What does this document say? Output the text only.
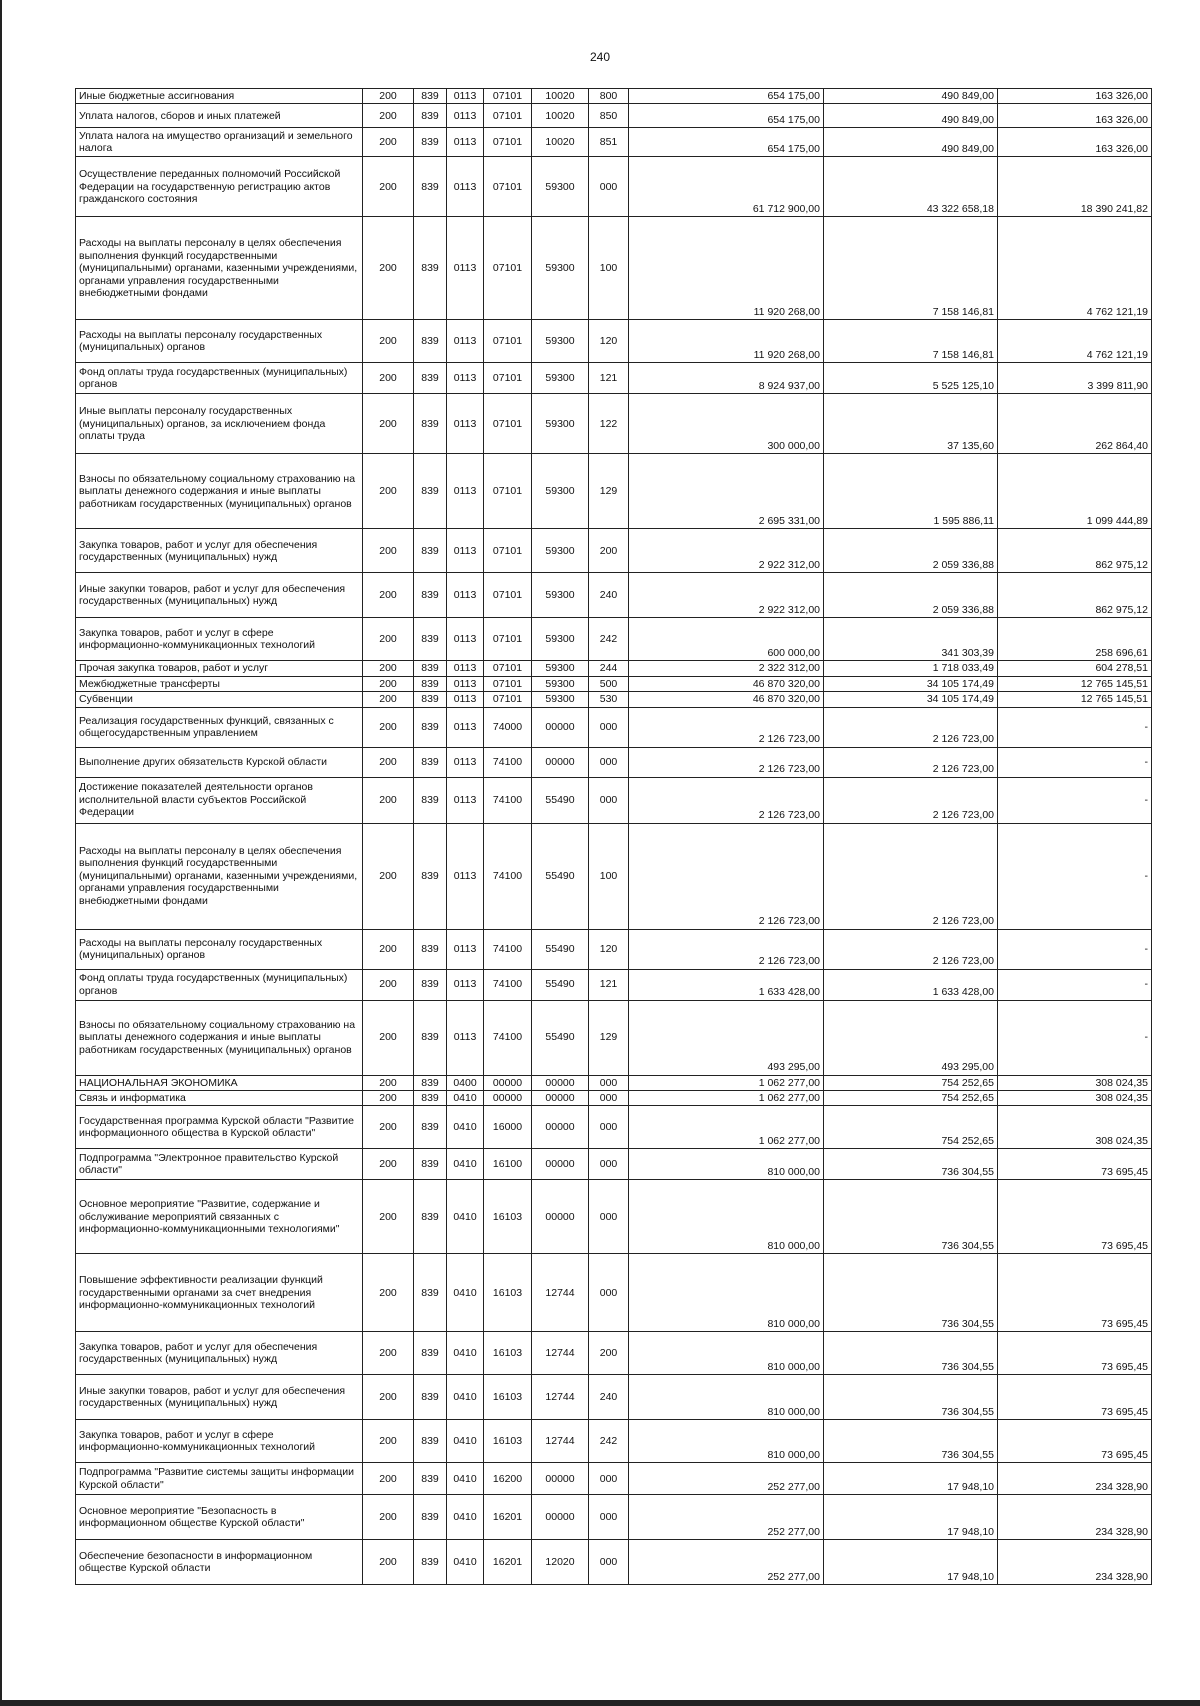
240
Иные бюджетные ассигнования	200	839	0113	07101	10020	800	654 175,00	490 849,00	163 326,00
Уплата налогов, сборов и иных платежей	200	839	0113	07101	10020	850	654 175,00	490 849,00	163 326,00
Уплата налога на имущество организаций и земельного налога	200	839	0113	07101	10020	851	654 175,00	490 849,00	163 326,00
Осуществление переданных полномочий Российской Федерации на государственную регистрацию актов гражданского состояния	200	839	0113	07101	59300	000	61 712 900,00	43 322 658,18	18 390 241,82
Расходы на выплаты персоналу в целях обеспечения выполнения функций государственными (муниципальными) органами, казенными учреждениями, органами управления государственными внебюджетными фондами	200	839	0113	07101	59300	100	11 920 268,00	7 158 146,81	4 762 121,19
Расходы на выплаты персоналу государственных (муниципальных) органов	200	839	0113	07101	59300	120	11 920 268,00	7 158 146,81	4 762 121,19
Фонд оплаты труда государственных (муниципальных) органов	200	839	0113	07101	59300	121	8 924 937,00	5 525 125,10	3 399 811,90
Иные выплаты персоналу государственных (муниципальных) органов, за исключением фонда оплаты труда	200	839	0113	07101	59300	122	300 000,00	37 135,60	262 864,40
Взносы по обязательному социальному страхованию на выплаты денежного содержания и иные выплаты работникам государственных (муниципальных) органов	200	839	0113	07101	59300	129	2 695 331,00	1 595 886,11	1 099 444,89
Закупка товаров, работ и услуг для обеспечения государственных (муниципальных) нужд	200	839	0113	07101	59300	200	2 922 312,00	2 059 336,88	862 975,12
Иные закупки товаров, работ и услуг для обеспечения государственных (муниципальных) нужд	200	839	0113	07101	59300	240	2 922 312,00	2 059 336,88	862 975,12
Закупка товаров, работ и услуг в сфере информационно-коммуникационных технологий	200	839	0113	07101	59300	242	600 000,00	341 303,39	258 696,61
Прочая закупка товаров, работ и услуг	200	839	0113	07101	59300	244	2 322 312,00	1 718 033,49	604 278,51
Межбюджетные трансферты	200	839	0113	07101	59300	500	46 870 320,00	34 105 174,49	12 765 145,51
Субвенции	200	839	0113	07101	59300	530	46 870 320,00	34 105 174,49	12 765 145,51
Реализация государственных функций, связанных с общегосударственным управлением	200	839	0113	74000	00000	000	2 126 723,00	2 126 723,00	-
Выполнение других обязательств Курской области	200	839	0113	74100	00000	000	2 126 723,00	2 126 723,00	-
Достижение показателей деятельности органов исполнительной власти субъектов Российской Федерации	200	839	0113	74100	55490	000	2 126 723,00	2 126 723,00	-
Расходы на выплаты персоналу в целях обеспечения выполнения функций государственными (муниципальными) органами, казенными учреждениями, органами управления государственными внебюджетными фондами	200	839	0113	74100	55490	100	2 126 723,00	2 126 723,00	-
Расходы на выплаты персоналу государственных (муниципальных) органов	200	839	0113	74100	55490	120	2 126 723,00	2 126 723,00	-
Фонд оплаты труда государственных (муниципальных) органов	200	839	0113	74100	55490	121	1 633 428,00	1 633 428,00	-
Взносы по обязательному социальному страхованию на выплаты денежного содержания и иные выплаты работникам государственных (муниципальных) органов	200	839	0113	74100	55490	129	493 295,00	493 295,00	-
НАЦИОНАЛЬНАЯ ЭКОНОМИКА	200	839	0400	00000	00000	000	1 062 277,00	754 252,65	308 024,35
Связь и информатика	200	839	0410	00000	00000	000	1 062 277,00	754 252,65	308 024,35
Государственная программа Курской области "Развитие информационного общества в Курской области"	200	839	0410	16000	00000	000	1 062 277,00	754 252,65	308 024,35
Подпрограмма "Электронное правительство Курской области"	200	839	0410	16100	00000	000	810 000,00	736 304,55	73 695,45
Основное мероприятие "Развитие, содержание и обслуживание мероприятий связанных с информационно-коммуникационными технологиями"	200	839	0410	16103	00000	000	810 000,00	736 304,55	73 695,45
Повышение эффективности реализации функций государственными органами за счет внедрения информационно-коммуникационных технологий	200	839	0410	16103	12744	000	810 000,00	736 304,55	73 695,45
Закупка товаров, работ и услуг для обеспечения государственных (муниципальных) нужд	200	839	0410	16103	12744	200	810 000,00	736 304,55	73 695,45
Иные закупки товаров, работ и услуг для обеспечения государственных (муниципальных) нужд	200	839	0410	16103	12744	240	810 000,00	736 304,55	73 695,45
Закупка товаров, работ и услуг в сфере информационно-коммуникационных технологий	200	839	0410	16103	12744	242	810 000,00	736 304,55	73 695,45
Подпрограмма "Развитие системы защиты информации Курской области"	200	839	0410	16200	00000	000	252 277,00	17 948,10	234 328,90
Основное мероприятие "Безопасность в информационном обществе Курской области"	200	839	0410	16201	00000	000	252 277,00	17 948,10	234 328,90
Обеспечение безопасности в информационном обществе Курской области	200	839	0410	16201	12020	000	252 277,00	17 948,10	234 328,90
